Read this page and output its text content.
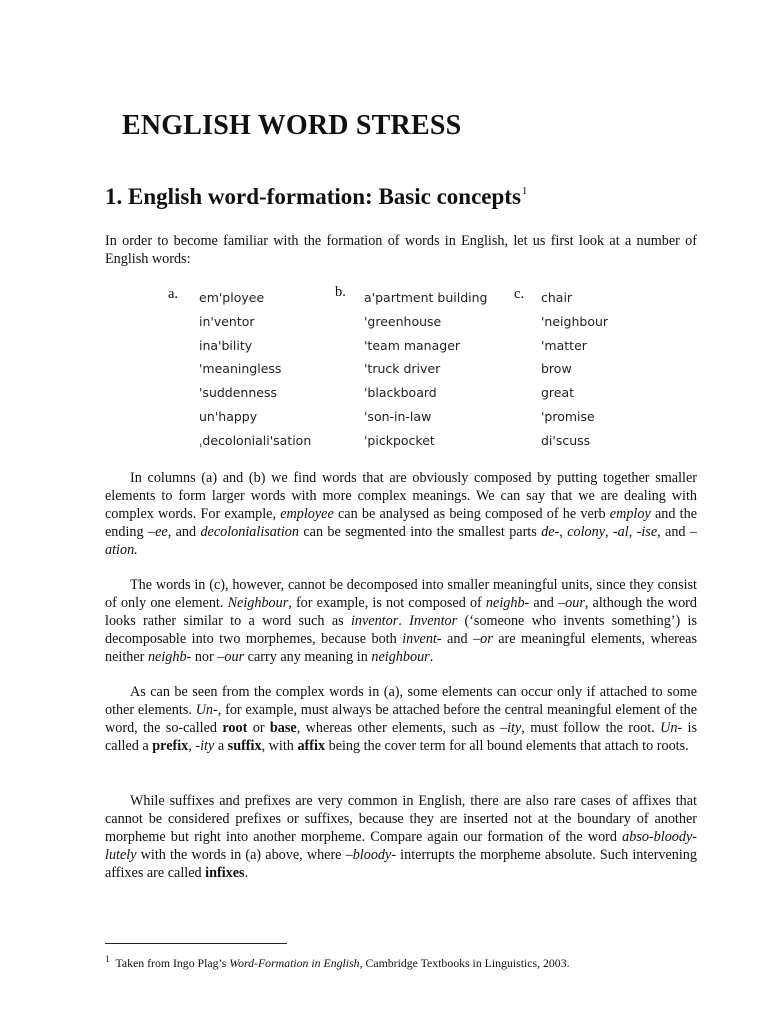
ENGLISH WORD STRESS
1. English word-formation: Basic concepts$^1$

In order to become familiar with the formation of words in English, let us first look at a number of English words:

a. em'ployee
in'ventor
ina'bility
'meaningless
'suddenness
un'happy
ˌdecoloniali'sation
b. a'partment building
'greenhouse
'team manager
'truck driver
'blackboard
'son-in-law
'pickpocket
c. chair
'neighbour
'matter
brow
great
'promise
di'scuss

In columns (a) and (b) we find words that are obviously composed by putting together smaller elements to form larger words with more complex meanings. We can say that we are dealing with complex words. For example, employee can be analysed as being composed of he verb employ and the ending –ee, and decolonialisation can be segmented into the smallest parts de-, colony, -al, -ise, and –ation.

The words in (c), however, cannot be decomposed into smaller meaningful units, since they consist of only one element. Neighbour, for example, is not composed of neighb- and –our, although the word looks rather similar to a word such as inventor. Inventor (‘someone who invents something’) is decomposable into two morphemes, because both invent- and –or are meaningful elements, whereas neither neighb- nor –our carry any meaning in neighbour.

As can be seen from the complex words in (a), some elements can occur only if attached to some other elements. Un-, for example, must always be attached before the central meaningful element of the word, the so-called root or base, whereas other elements, such as –ity, must follow the root. Un- is called a prefix, -ity a suffix, with affix being the cover term for all bound elements that attach to roots.

While suffixes and prefixes are very common in English, there are also rare cases of affixes that cannot be considered prefixes or suffixes, because they are inserted not at the boundary of another morpheme but right into another morpheme. Compare again our formation of the word abso-bloody-lutely with the words in (a) above, where –bloody- interrupts the morpheme absolute. Such intervening affixes are called infixes.

$^1$ Taken from Ingo Plag’s Word-Formation in English, Cambridge Textbooks in Linguistics, 2003.
